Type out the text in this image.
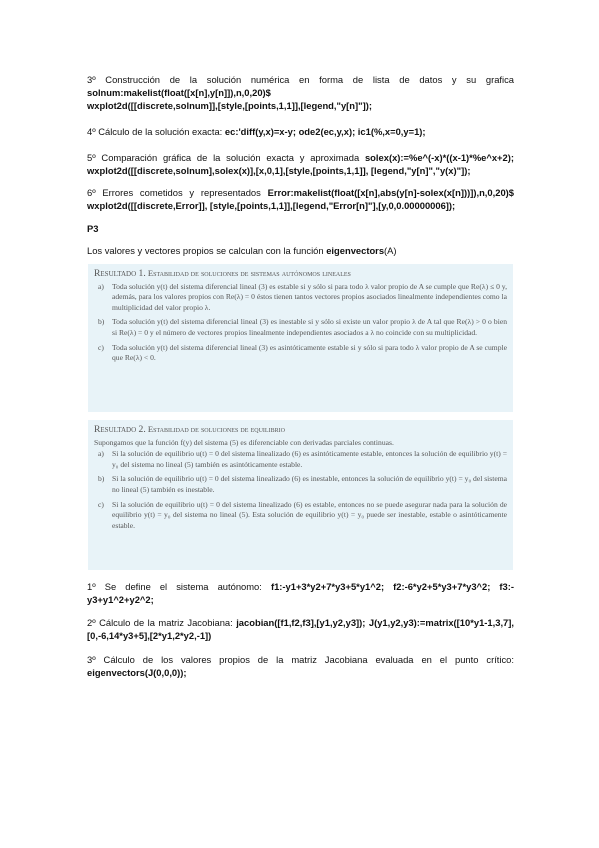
3º Construcción de la solución numérica en forma de lista de datos y su grafica solnum:makelist(float([x[n],y[n]]),n,0,20)$
wxplot2d([[discrete,solnum]],[style,[points,1,1]],[legend,"y[n]"]);
4º Cálculo de la solución exacta: ec:'diff(y,x)=x-y; ode2(ec,y,x); ic1(%,x=0,y=1);
5º Comparación gráfica de la solución exacta y aproximada solex(x):=%e^(-x)*((x-1)*%e^x+2); wxplot2d([[discrete,solnum],solex(x)],[x,0,1],[style,[points,1,1]], [legend,"y[n]","y(x)"]);
6º Errores cometidos y representados Error:makelist(float([x[n],abs(y[n]-solex(x[n]))]),n,0,20)$ wxplot2d([[discrete,Error]], [style,[points,1,1]],[legend,"Error[n]"],[y,0,0.00000006]);
P3
Los valores y vectores propios se calculan con la función eigenvectors(A)
Resultado 1. Estabilidad de soluciones de sistemas autónomos lineales
a)	Toda solución y(t) del sistema diferencial lineal (3) es estable si y sólo si para todo λ valor propio de A se cumple que Re(λ) ≤ 0 y, además, para los valores propios con Re(λ) = 0 éstos tienen tantos vectores propios asociados linealmente independientes como la multiplicidad del valor propio λ.
b)	Toda solución y(t) del sistema diferencial lineal (3) es inestable si y sólo si existe un valor propio λ de A tal que Re(λ) > 0 o bien si Re(λ) = 0 y el número de vectores propios linealmente independientes asociados a λ no coincide con su multiplicidad.
c)	Toda solución y(t) del sistema diferencial lineal (3) es asintóticamente estable si y sólo si para todo λ valor propio de A se cumple que Re(λ) < 0.
Resultado 2. Estabilidad de soluciones de equilibrio
Supongamos que la función f(y) del sistema (5) es diferenciable con derivadas parciales continuas.
a)	Si la solución de equilibrio u(t) = 0 del sistema linealizado (6) es asintóticamente estable, entonces la solución de equilibrio y(t) = y₀ del sistema no lineal (5) también es asintóticamente estable.
b)	Si la solución de equilibrio u(t) = 0 del sistema linealizado (6) es inestable, entonces la solución de equilibrio y(t) = y₀ del sistema no lineal (5) también es inestable.
c)	Si la solución de equilibrio u(t) = 0 del sistema linealizado (6) es estable, entonces no se puede asegurar nada para la solución de equilibrio y(t) = y₀ del sistema no lineal (5). Esta solución de equilibrio y(t) = y₀ puede ser inestable, estable o asintóticamente estable.
1º Se define el sistema autónomo: f1:-y1+3*y2+7*y3+5*y1^2; f2:-6*y2+5*y3+7*y3^2; f3:-y3+y1^2+y2^2;
2º Cálculo de la matriz Jacobiana: jacobian([f1,f2,f3],[y1,y2,y3]); J(y1,y2,y3):=matrix([10*y1-1,3,7],[0,-6,14*y3+5],[2*y1,2*y2,-1])
3º Cálculo de los valores propios de la matriz Jacobiana evaluada en el punto crítico: eigenvectors(J(0,0,0));
